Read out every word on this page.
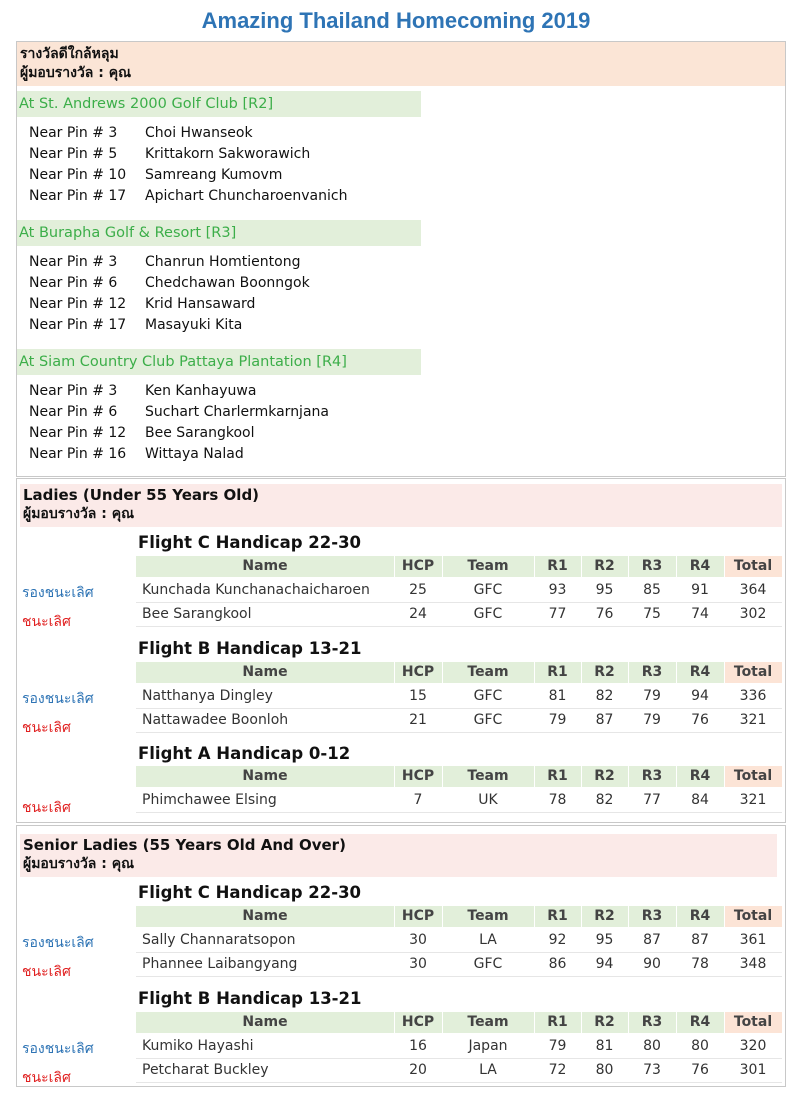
Amazing Thailand Homecoming 2019
รางวัลดีใกล้หลุม
ผู้มอบรางวัล : คุณ
At St. Andrews 2000 Golf Club [R2]
Near Pin # 3	Choi Hwanseok
Near Pin # 5	Krittakorn Sakworawich
Near Pin # 10	Samreang Kumovm
Near Pin # 17	Apichart Chuncharoenvanich
At Burapha Golf & Resort [R3]
Near Pin # 3	Chanrun Homtientong
Near Pin # 6	Chedchawan Boonngok
Near Pin # 12	Krid Hansaward
Near Pin # 17	Masayuki Kita
At Siam Country Club Pattaya Plantation [R4]
Near Pin # 3	Ken Kanhayuwa
Near Pin # 6	Suchart Charlermkarnjana
Near Pin # 12	Bee Sarangkool
Near Pin # 16	Wittaya Nalad
Ladies (Under 55 Years Old)
ผู้มอบรางวัล : คุณ
Flight C Handicap 22-30
Name	HCP	Team	R1	R2	R3	R4	Total
รองชนะเลิศ	Kunchada Kunchanachaicharoen	25	GFC	93	95	85	91	364
ชนะเลิศ	Bee Sarangkool	24	GFC	77	76	75	74	302
Flight B Handicap 13-21
Name	HCP	Team	R1	R2	R3	R4	Total
รองชนะเลิศ	Natthanya Dingley	15	GFC	81	82	79	94	336
ชนะเลิศ	Nattawadee Boonloh	21	GFC	79	87	79	76	321
Flight A Handicap 0-12
Name	HCP	Team	R1	R2	R3	R4	Total
ชนะเลิศ	Phimchawee Elsing	7	UK	78	82	77	84	321
Senior Ladies (55 Years Old And Over)
ผู้มอบรางวัล : คุณ
Flight C Handicap 22-30
Name	HCP	Team	R1	R2	R3	R4	Total
รองชนะเลิศ	Sally Channaratsopon	30	LA	92	95	87	87	361
ชนะเลิศ	Phannee Laibangyang	30	GFC	86	94	90	78	348
Flight B Handicap 13-21
Name	HCP	Team	R1	R2	R3	R4	Total
รองชนะเลิศ	Kumiko Hayashi	16	Japan	79	81	80	80	320
ชนะเลิศ	Petcharat Buckley	20	LA	72	80	73	76	301
